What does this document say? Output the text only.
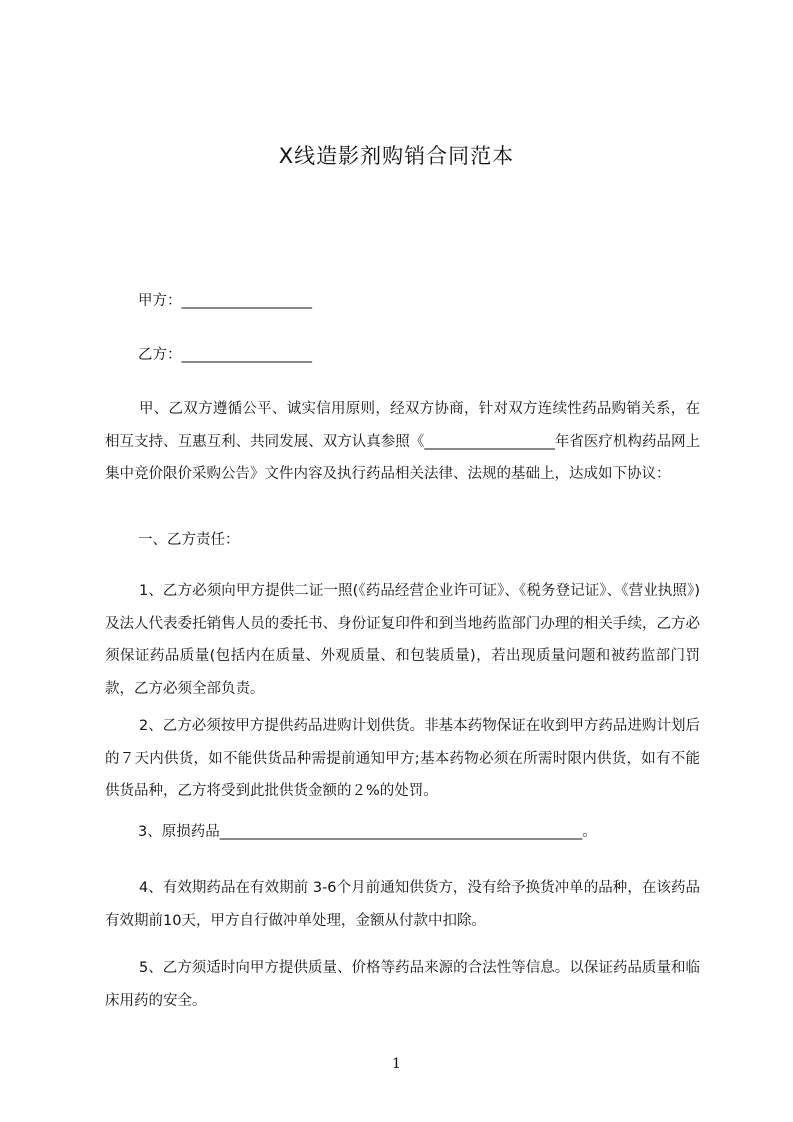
X线造影剂购销合同范本
甲方：__________________
乙方：__________________

甲、乙双方遵循公平、诚实信用原则，经双方协商，针对双方连续性药品购销关系，在相互支持、互惠互利、共同发展、双方认真参照《__________________年省医疗机构药品网上集中竞价限价采购公告》文件内容及执行药品相关法律、法规的基础上，达成如下协议：

一、乙方责任：

1、乙方必须向甲方提供二证一照(《药品经营企业许可证》、《税务登记证》、《营业执照》)及法人代表委托销售人员的委托书、身份证复印件和到当地药监部门办理的相关手续，乙方必须保证药品质量(包括内在质量、外观质量、和包装质量)，若出现质量问题和被药监部门罚款，乙方必须全部负责。

2、乙方必须按甲方提供药品进购计划供货。非基本药物保证在收到甲方药品进购计划后的７天内供货，如不能供货品种需提前通知甲方;基本药物必须在所需时限内供货，如有不能供货品种，乙方将受到此批供货金额的２%的处罚。

3、原损药品__________________________________________________。

4、有效期药品在有效期前 3-6个月前通知供货方，没有给予换货冲单的品种，在该药品有效期前10天，甲方自行做冲单处理，金额从付款中扣除。

5、乙方须适时向甲方提供质量、价格等药品来源的合法性等信息。以保证药品质量和临床用药的安全。

1
